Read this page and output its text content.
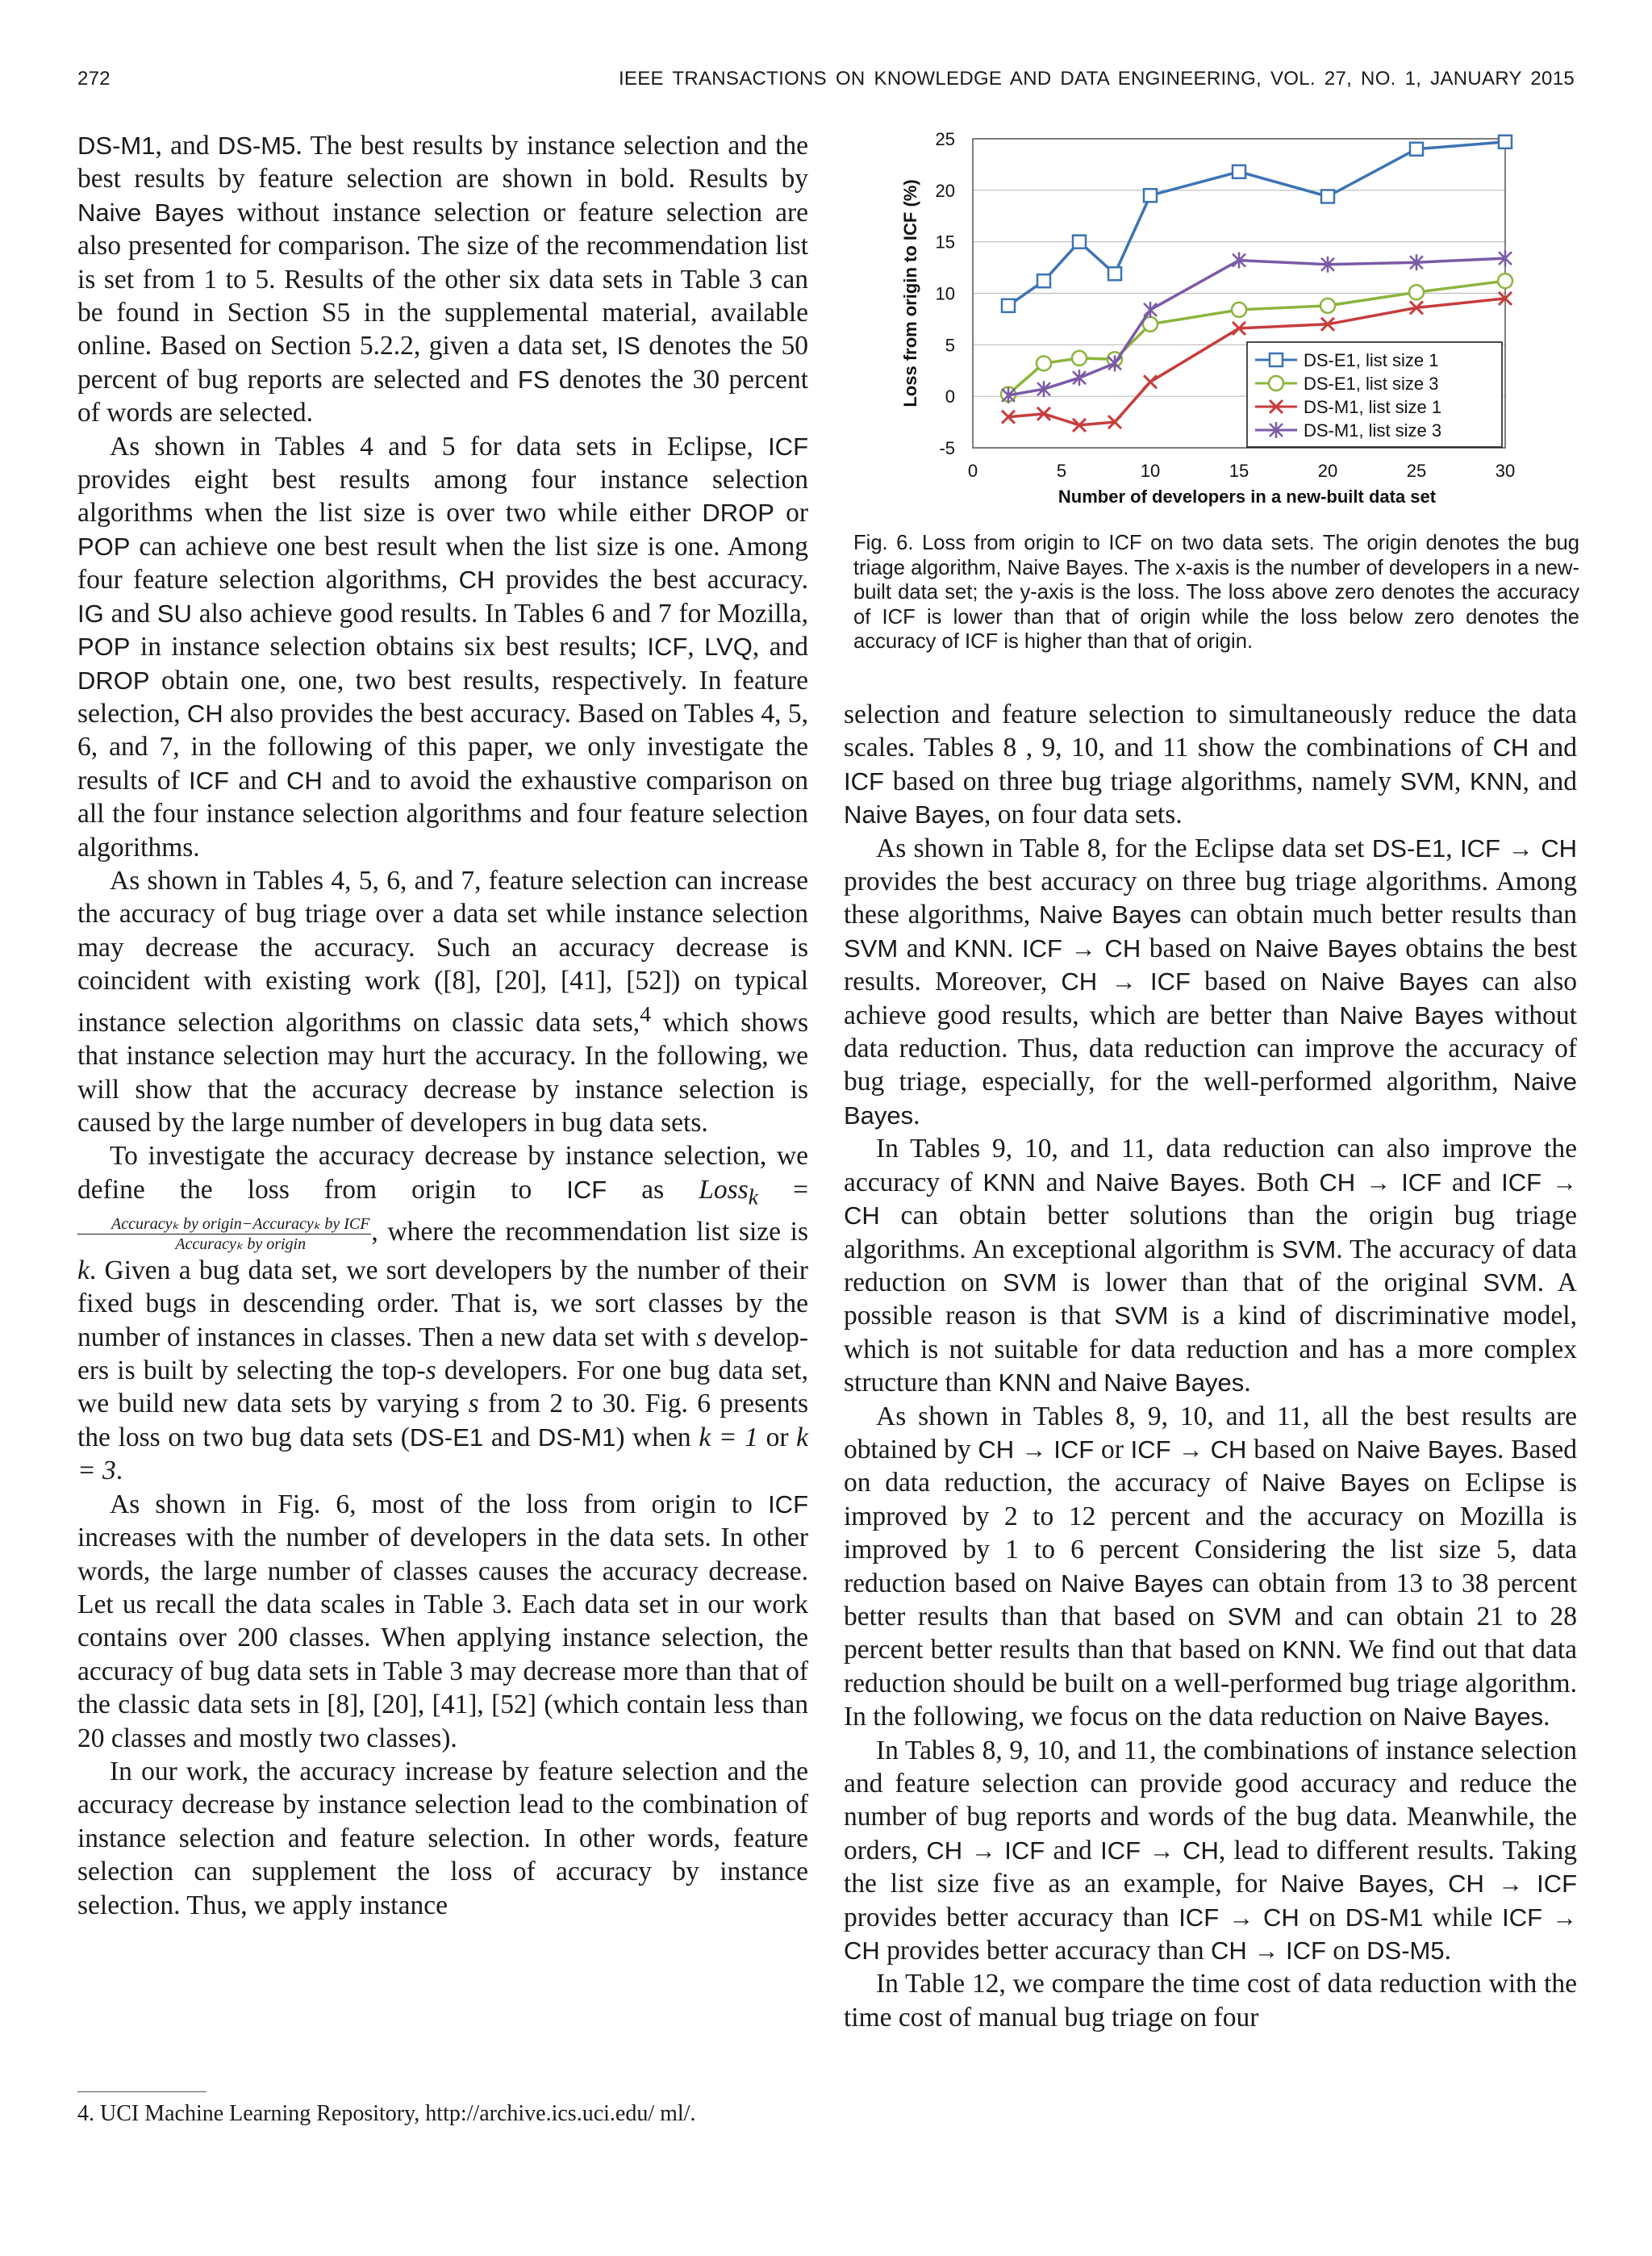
272	IEEE TRANSACTIONS ON KNOWLEDGE AND DATA ENGINEERING, VOL. 27, NO. 1, JANUARY 2015

DS-M1, and DS-M5. The best results by instance selection and the best results by feature selection are shown in bold. Results by Naive Bayes without instance selection or feature selection are also presented for comparison. The size of the recommendation list is set from 1 to 5. Results of the other six data sets in Table 3 can be found in Section S5 in the supplemental material, available online. Based on Section 5.2.2, given a data set, IS denotes the 50 percent of bug reports are selected and FS denotes the 30 percent of words are selected.

As shown in Tables 4 and 5 for data sets in Eclipse, ICF provides eight best results among four instance selection algorithms when the list size is over two while either DROP or POP can achieve one best result when the list size is one. Among four feature selection algorithms, CH provides the best accuracy. IG and SU also achieve good results. In Tables 6 and 7 for Mozilla, POP in instance selection obtains six best results; ICF, LVQ, and DROP obtain one, one, two best results, respectively. In feature selection, CH also provides the best accuracy. Based on Tables 4, 5, 6, and 7, in the following of this paper, we only investigate the results of ICF and CH and to avoid the exhaustive comparison on all the four instance selection algorithms and four feature selection algorithms.

As shown in Tables 4, 5, 6, and 7, feature selection can increase the accuracy of bug triage over a data set while instance selection may decrease the accuracy. Such an accuracy decrease is coincident with existing work ([8], [20], [41], [52]) on typical instance selection algorithms on classic data sets,$^4$ which shows that instance selection may hurt the accuracy. In the following, we will show that the accuracy decrease by instance selection is caused by the large number of developers in bug data sets.

To investigate the accuracy decrease by instance selection, we define the loss from origin to ICF as Loss$_k$ =
$\frac{\text{Accuracyₖ by origin−Accuracyₖ by ICF}}{\text{Accuracyₖ by origin}}$ , where the recommendation list size is k. Given a bug data set, we sort developers by the number of their fixed bugs in descending order. That is, we sort classes by the number of instances in classes. Then a new data set with s developers is built by selecting the top-s developers. For one bug data set, we build new data sets by varying s from 2 to 30. Fig. 6 presents the loss on two bug data sets (DS-E1 and DS-M1) when k = 1 or k = 3.

As shown in Fig. 6, most of the loss from origin to ICF increases with the number of developers in the data sets. In other words, the large number of classes causes the accuracy decrease. Let us recall the data scales in Table 3. Each data set in our work contains over 200 classes. When applying instance selection, the accuracy of bug data sets in Table 3 may decrease more than that of the classic data sets in [8], [20], [41], [52] (which contain less than 20 classes and mostly two classes).

In our work, the accuracy increase by feature selection and the accuracy decrease by instance selection lead to the combination of instance selection and feature selection. In other words, feature selection can supplement the loss of accuracy by instance selection. Thus, we apply instance

4. UCI Machine Learning Repository, http://archive.ics.uci.edu/ ml/.
-5
0
5
10
15
20
25
0	5	10	15	20	25	30
Number of developers in a new-built data set
Loss from origin to ICF (%)	DS-E1, list size 1
DS-E1, list size 3
DS-M1, list size 1
DS-M1, list size 3
Fig. 6. Loss from origin to ICF on two data sets. The origin denotes the bug triage algorithm, Naive Bayes. The x-axis is the number of developers in a new-built data set; the y-axis is the loss. The loss above zero denotes the accuracy of ICF is lower than that of origin while the loss below zero denotes the accuracy of ICF is higher than that of origin.

selection and feature selection to simultaneously reduce the data scales. Tables 8 , 9, 10, and 11 show the combinations of CH and ICF based on three bug triage algorithms, namely SVM, KNN, and Naive Bayes, on four data sets.

As shown in Table 8, for the Eclipse data set DS-E1, ICF → CH provides the best accuracy on three bug triage algorithms. Among these algorithms, Naive Bayes can obtain much better results than SVM and KNN. ICF → CH based on Naive Bayes obtains the best results. Moreover, CH → ICF based on Naive Bayes can also achieve good results, which are better than Naive Bayes without data reduction. Thus, data reduction can improve the accuracy of bug triage, especially, for the well-performed algorithm, Naive Bayes.

In Tables 9, 10, and 11, data reduction can also improve the accuracy of KNN and Naive Bayes. Both CH → ICF and ICF → CH can obtain better solutions than the origin bug triage algorithms. An exceptional algorithm is SVM. The accuracy of data reduction on SVM is lower than that of the original SVM. A possible reason is that SVM is a kind of discriminative model, which is not suitable for data reduction and has a more complex structure than KNN and Naive Bayes.

As shown in Tables 8, 9, 10, and 11, all the best results are obtained by CH → ICF or ICF → CH based on Naive Bayes. Based on data reduction, the accuracy of Naive Bayes on Eclipse is improved by 2 to 12 percent and the accuracy on Mozilla is improved by 1 to 6 percent Considering the list size 5, data reduction based on Naive Bayes can obtain from 13 to 38 percent better results than that based on SVM and can obtain 21 to 28 percent better results than that based on KNN. We find out that data reduction should be built on a well-performed bug triage algorithm. In the following, we focus on the data reduction on Naive Bayes.

In Tables 8, 9, 10, and 11, the combinations of instance selection and feature selection can provide good accuracy and reduce the number of bug reports and words of the bug data. Meanwhile, the orders, CH → ICF and ICF → CH, lead to different results. Taking the list size five as an example, for Naive Bayes, CH → ICF provides better accuracy than ICF → CH on DS-M1 while ICF → CH provides better accuracy than CH → ICF on DS-M5.

In Table 12, we compare the time cost of data reduction with the time cost of manual bug triage on four
